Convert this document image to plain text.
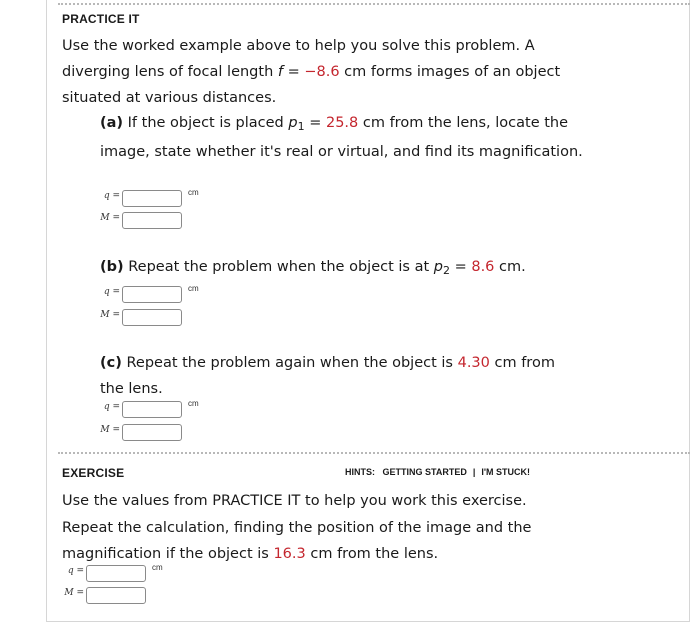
PRACTICE IT
Use the worked example above to help you solve this problem. A diverging lens of focal length f = −8.6 cm forms images of an object situated at various distances.
(a) If the object is placed $p_1 = 25.8$ cm from the lens, locate the image, state whether it's real or virtual, and find its magnification.
q =	cm
M =
(b) Repeat the problem when the object is at $p_2 = 8.6$ cm.
q =	cm
M =
(c) Repeat the problem again when the object is 4.30 cm from the lens.
q =	cm
M =
EXERCISE	HINTS: GETTING STARTED | I'M STUCK!
Use the values from PRACTICE IT to help you work this exercise. Repeat the calculation, finding the position of the image and the magnification if the object is 16.3 cm from the lens.
q =	cm
M =
